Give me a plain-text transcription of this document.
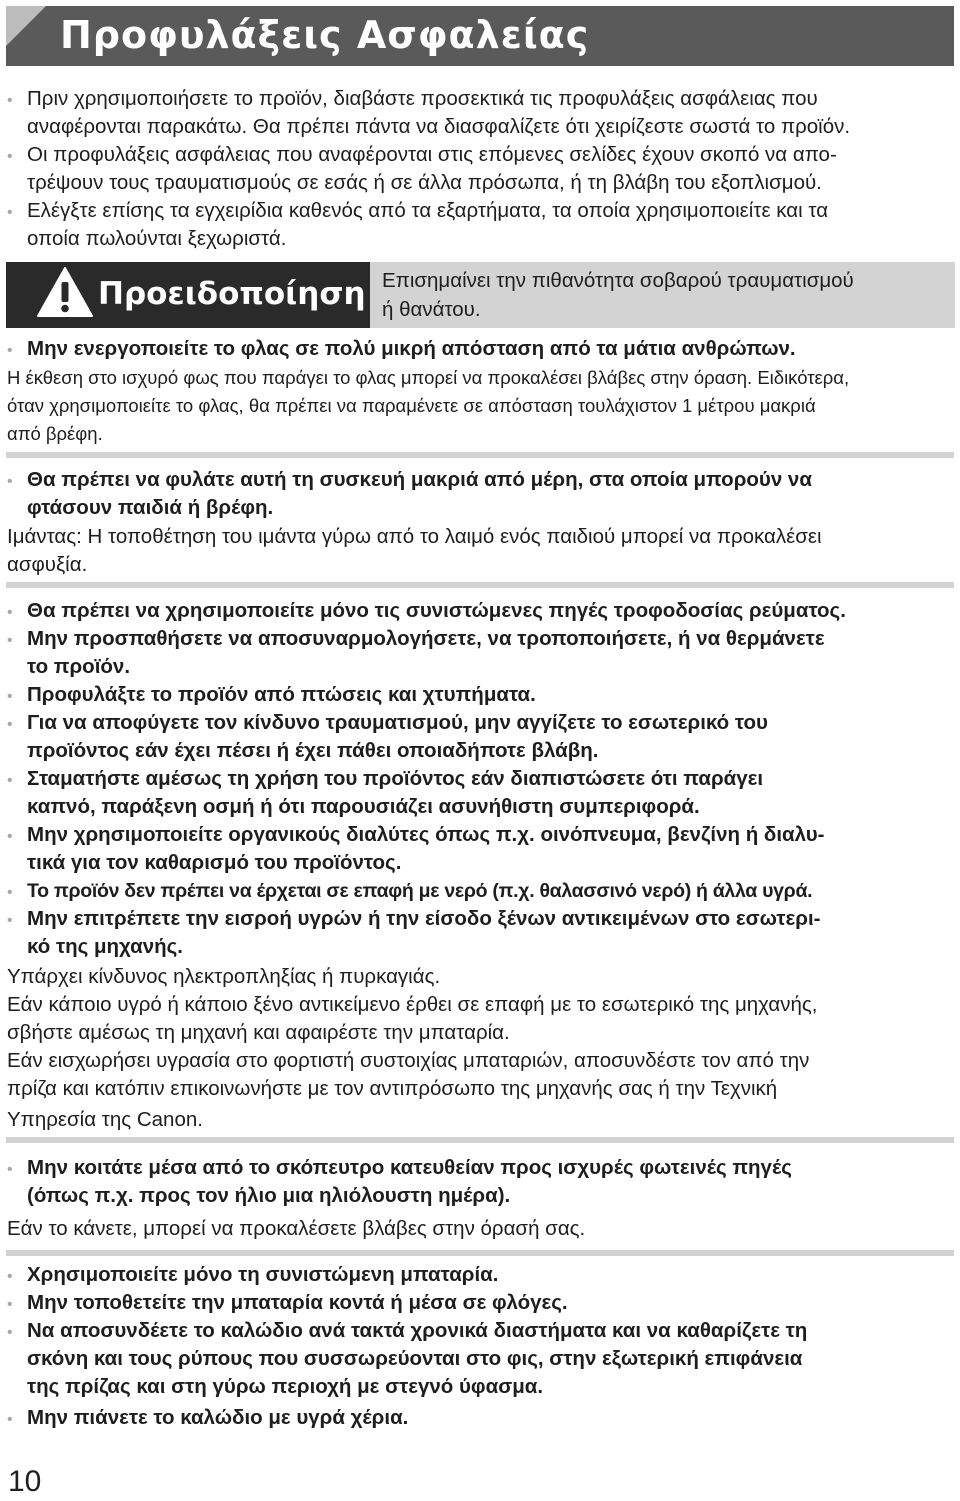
Προφυλάξεις Ασφαλείας
• Πριν χρησιμοποιήσετε το προϊόν, διαβάστε προσεκτικά τις προφυλάξεις ασφάλειας που
αναφέρονται παρακάτω. Θα πρέπει πάντα να διασφαλίζετε ότι χειρίζεστε σωστά το προϊόν.
• Οι προφυλάξεις ασφάλειας που αναφέρονται στις επόμενες σελίδες έχουν σκοπό να απο-
τρέψουν τους τραυματισμούς σε εσάς ή σε άλλα πρόσωπα, ή τη βλάβη του εξοπλισμού.
• Ελέγξτε επίσης τα εγχειρίδια καθενός από τα εξαρτήματα, τα οποία χρησιμοποιείτε και τα
οποία πωλούνται ξεχωριστά.
Προειδοποίηση Επισημαίνει την πιθανότητα σοβαρού τραυματισμού
ή θανάτου.
• Μην ενεργοποιείτε το φλας σε πολύ μικρή απόσταση από τα μάτια ανθρώπων.
Η έκθεση στο ισχυρό φως που παράγει το φλας μπορεί να προκαλέσει βλάβες στην όραση. Ειδικότερα,
όταν χρησιμοποιείτε το φλας, θα πρέπει να παραμένετε σε απόσταση τουλάχιστον 1 μέτρου μακριά
από βρέφη.
• Θα πρέπει να φυλάτε αυτή τη συσκευή μακριά από μέρη, στα οποία μπορούν να
φτάσουν παιδιά ή βρέφη.
Ιμάντας: Η τοποθέτηση του ιμάντα γύρω από το λαιμό ενός παιδιού μπορεί να προκαλέσει
ασφυξία.
Θα πρέπει να χρησιμοποιείτε μόνο τις συνιστώμενες πηγές τροφοδοσίας ρεύματος.
Μην προσπαθήσετε να αποσυναρμολογήσετε, να τροποποιήσετε, ή να θερμάνετε
το προϊόν.
Προφυλάξτε το προϊόν από πτώσεις και χτυπήματα.
Για να αποφύγετε τον κίνδυνο τραυματισμού, μην αγγίζετε το εσωτερικό του
προϊόντος εάν έχει πέσει ή έχει πάθει οποιαδήποτε βλάβη.
Σταματήστε αμέσως τη χρήση του προϊόντος εάν διαπιστώσετε ότι παράγει
καπνό, παράξενη οσμή ή ότι παρουσιάζει ασυνήθιστη συμπεριφορά.
Μην χρησιμοποιείτε οργανικούς διαλύτες όπως π.χ. οινόπνευμα, βενζίνη ή διαλυ-
τικά για τον καθαρισμό του προϊόντος.
Το προϊόν δεν πρέπει να έρχεται σε επαφή με νερό (π.χ. θαλασσινό νερό) ή άλλα υγρά.
Μην επιτρέπετε την εισροή υγρών ή την είσοδο ξένων αντικειμένων στο εσωτερι-
κό της μηχανής.
•
•
•
•
•
•
•
•
Υπάρχει κίνδυνος ηλεκτροπληξίας ή πυρκαγιάς.
Εάν κάποιο υγρό ή κάποιο ξένο αντικείμενο έρθει σε επαφή με το εσωτερικό της μηχανής,
σβήστε αμέσως τη μηχανή και αφαιρέστε την μπαταρία.
Εάν εισχωρήσει υγρασία στο φορτιστή συστοιχίας μπαταριών, αποσυνδέστε τον από την
πρίζα και κατόπιν επικοινωνήστε με τον αντιπρόσωπο της μηχανής σας ή την Τεχνική
Υπηρεσία της Canon.
• Μην κοιτάτε μέσα από το σκόπευτρο κατευθείαν προς ισχυρές φωτεινές πηγές
(όπως π.χ. προς τον ήλιο μια ηλιόλουστη ημέρα).
Εάν το κάνετε, μπορεί να προκαλέσετε βλάβες στην όρασή σας.
Χρησιμοποιείτε μόνο τη συνιστώμενη μπαταρία.
Μην τοποθετείτε την μπαταρία κοντά ή μέσα σε φλόγες.
Να αποσυνδέετε το καλώδιο ανά τακτά χρονικά διαστήματα και να καθαρίζετε τη
σκόνη και τους ρύπους που συσσωρεύονται στο φις, στην εξωτερική επιφάνεια
της πρίζας και στη γύρω περιοχή με στεγνό ύφασμα.
Μην πιάνετε το καλώδιο με υγρά χέρια.
•
•
•
•
10
